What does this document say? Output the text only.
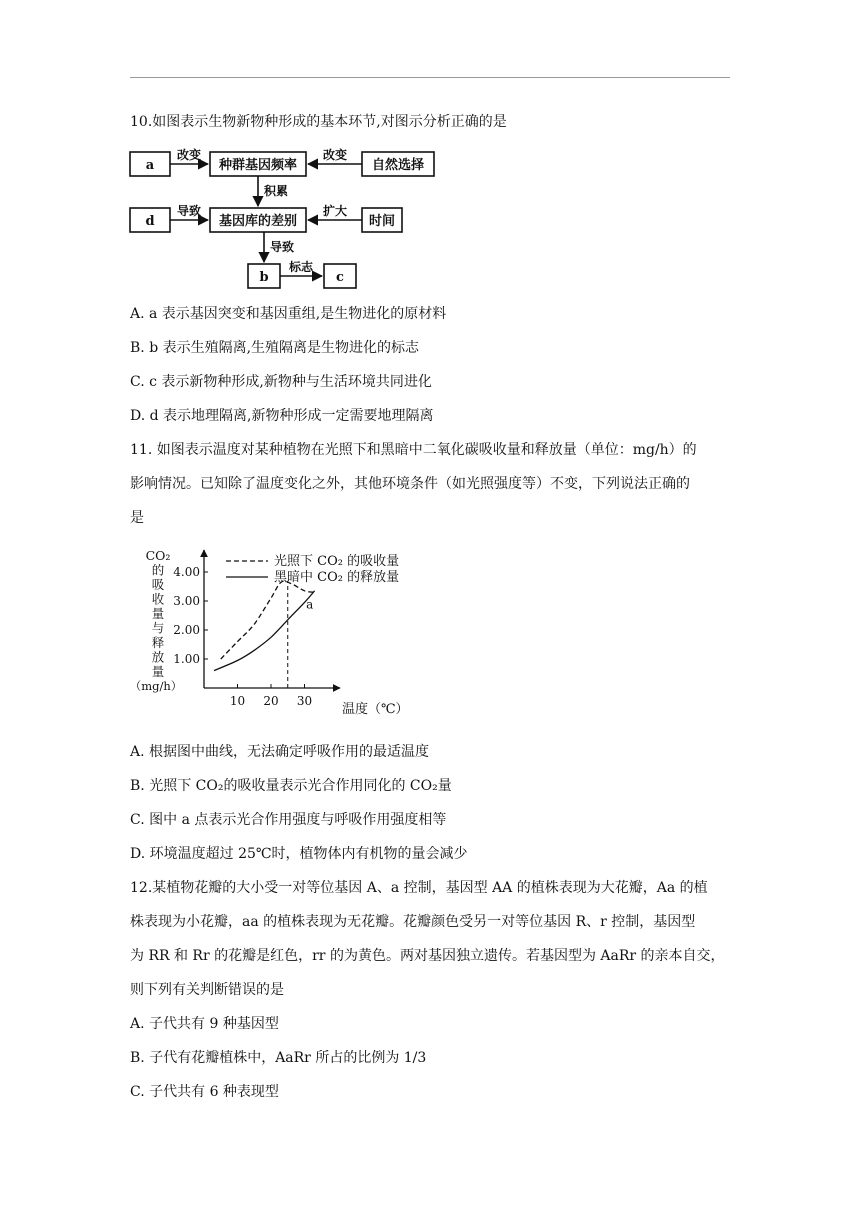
10.如图表示生物新物种形成的基本环节,对图示分析正确的是
a	种群基因频率	自然选择
d	基因库的差别	时间
b	c
改变	改变
积累
导致	扩大
导致
标志
A. a 表示基因突变和基因重组,是生物进化的原材料
B. b 表示生殖隔离,生殖隔离是生物进化的标志
C. c 表示新物种形成,新物种与生活环境共同进化
D. d 表示地理隔离,新物种形成一定需要地理隔离
11. 如图表示温度对某种植物在光照下和黑暗中二氧化碳吸收量和释放量（单位：mg/h）的
影响情况。已知除了温度变化之外，其他环境条件（如光照强度等）不变，下列说法正确的
是
CO₂
的
吸
收
量
与
释
放
量
（mg/h）
1.00
2.00
3.00
4.00
10 20 30
a
光照下 CO₂ 的吸收量
黑暗中 CO₂ 的释放量
温度（℃）
A. 根据图中曲线，无法确定呼吸作用的最适温度
B. 光照下 CO₂的吸收量表示光合作用同化的 CO₂量
C. 图中 a 点表示光合作用强度与呼吸作用强度相等
D. 环境温度超过 25℃时，植物体内有机物的量会减少
12.某植物花瓣的大小受一对等位基因 A、a 控制，基因型 AA 的植株表现为大花瓣，Aa 的植
株表现为小花瓣，aa 的植株表现为无花瓣。花瓣颜色受另一对等位基因 R、r 控制，基因型
为 RR 和 Rr 的花瓣是红色，rr 的为黄色。两对基因独立遗传。若基因型为 AaRr 的亲本自交，
则下列有关判断错误的是
A. 子代共有 9 种基因型
B. 子代有花瓣植株中，AaRr 所占的比例为 1/3
C. 子代共有 6 种表现型
